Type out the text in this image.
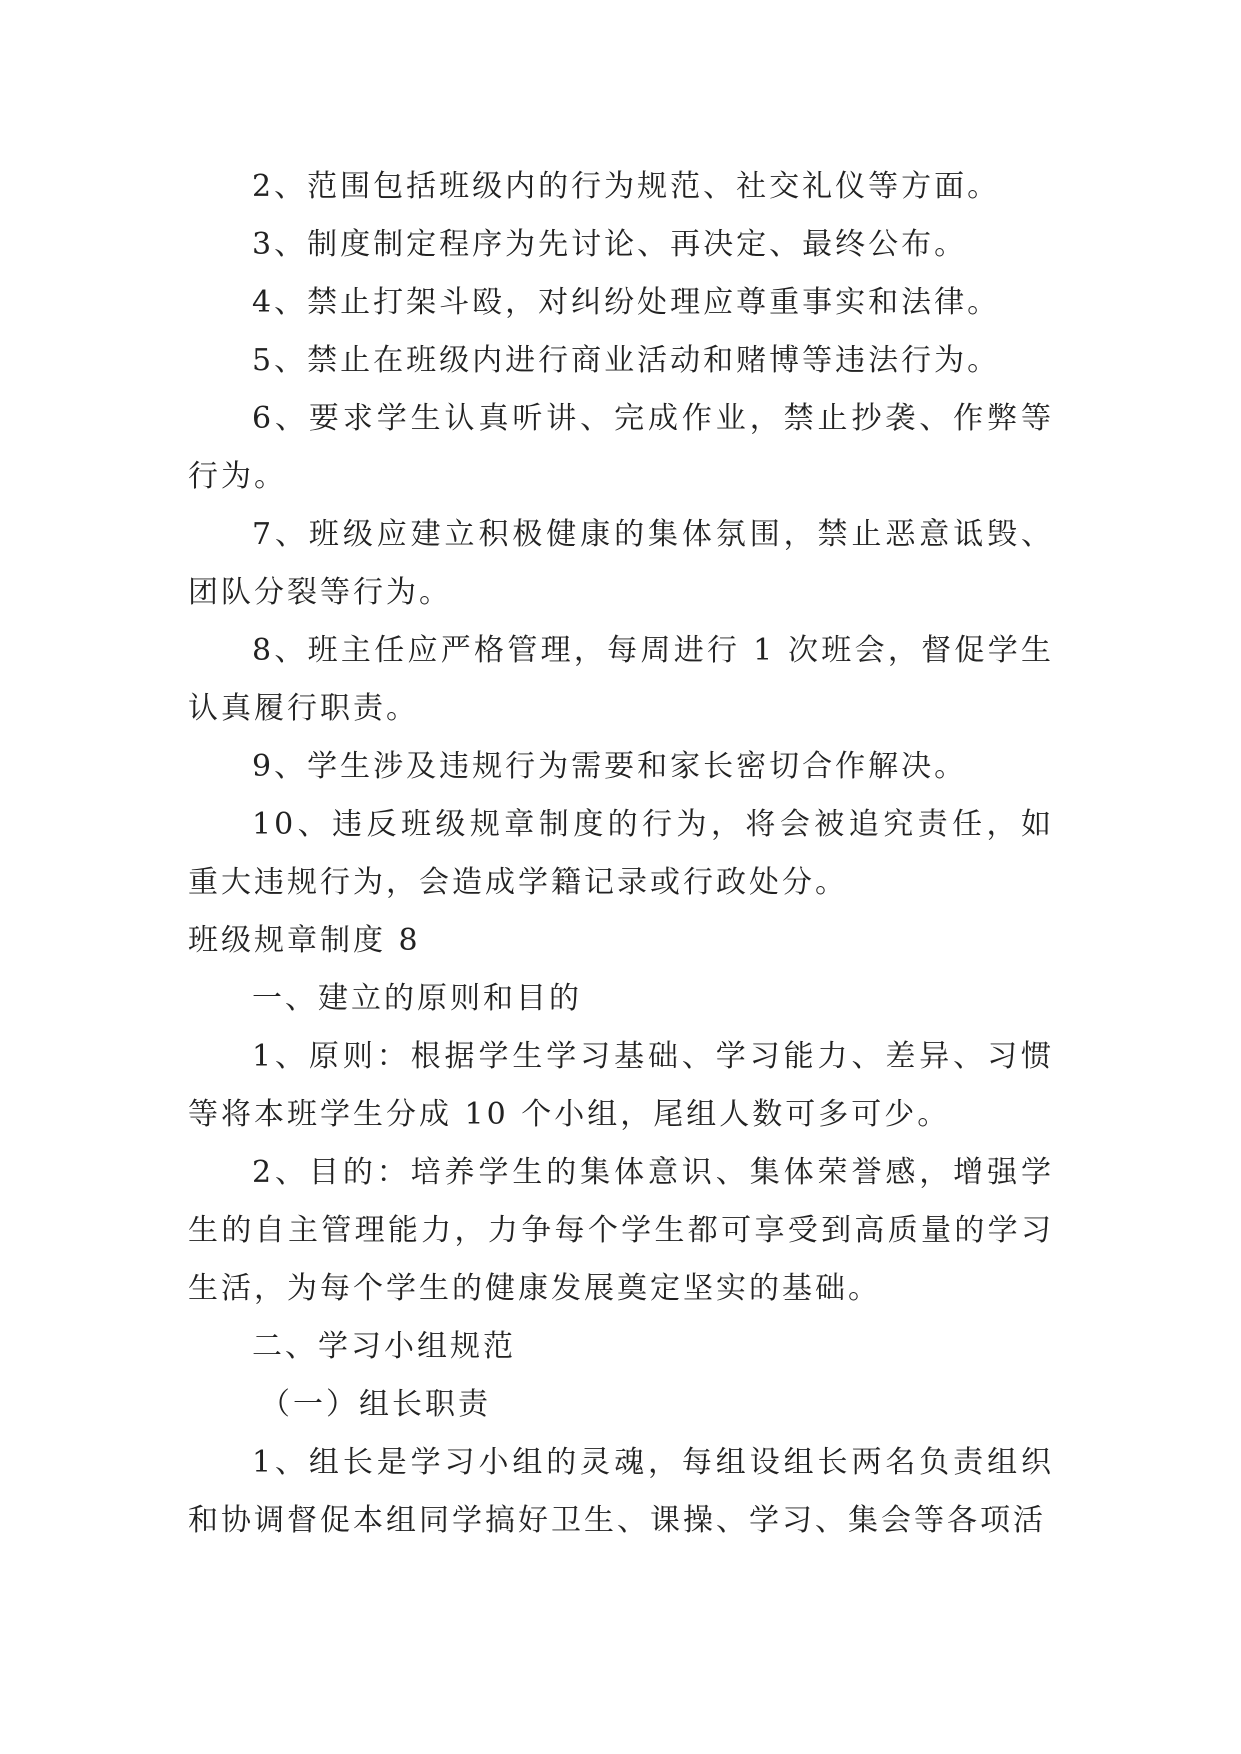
2、范围包括班级内的行为规范、社交礼仪等方面。

3、制度制定程序为先讨论、再决定、最终公布。

4、禁止打架斗殴，对纠纷处理应尊重事实和法律。

5、禁止在班级内进行商业活动和赌博等违法行为。

6、要求学生认真听讲、完成作业，禁止抄袭、作弊等行为。

7、班级应建立积极健康的集体氛围，禁止恶意诋毁、团队分裂等行为。

8、班主任应严格管理，每周进行 1 次班会，督促学生认真履行职责。

9、学生涉及违规行为需要和家长密切合作解决。

10、违反班级规章制度的行为，将会被追究责任，如重大违规行为，会造成学籍记录或行政处分。

班级规章制度 8

一、建立的原则和目的

1、原则：根据学生学习基础、学习能力、差异、习惯等将本班学生分成 10 个小组，尾组人数可多可少。

2、目的：培养学生的集体意识、集体荣誉感，增强学生的自主管理能力，力争每个学生都可享受到高质量的学习生活，为每个学生的健康发展奠定坚实的基础。

二、学习小组规范

（一）组长职责

1、组长是学习小组的灵魂，每组设组长两名负责组织和协调督促本组同学搞好卫生、课操、学习、集会等各项活
